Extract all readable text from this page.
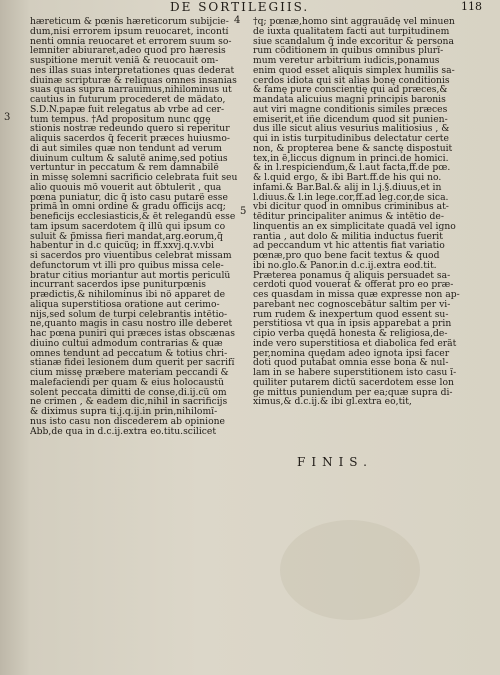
DE SORTILEGIIS.	118
4
3
5
hæreticum & pœnis hæreticorum subijcie-
dum,nisi errorem ipsum reuocaret, incontí
nenti omnia reuocaret et errorem suum so-
lemniter abiuraret,adeo quod pro hæresis
suspitione meruit veniã & reuocauit om-
nes illas suas interpretationes quas dederat
diuinæ scripturæ & reliquas omnes insanias
suas quas supra narrauimus,nihilominus ut
cautius in futurum procederet de mãdato,
S.D.N.papæ fuit relegatus ab vrbe ad cer-
tum tempus. †Ad propositum nunc qgę
stionis nostræ redeundo quero si reperitur
aliquis sacerdos q̃ fecerit præces huiusmo-
di aut similes quæ non tendunt ad verum
diuinum cultum & salutẽ animę,sed potius
vertuntur in peccatum & rem damnabilẽ
in missę solemni sacrificio celebrata fuit seu
alio quouis mõ vouerit aut õbtulerit , qua
pœna puniatur, dic q̃ isto casu putarẽ esse
primã in omni ordine & gradu officijs acq;
beneficijs ecclesiasticis,& ẽt relegandũ esse
tam ipsum sacerdotem q̃ illũ qui ipsum co
suluit & p̃missa fieri mandat,arg.eorum,q̃
habentur in d.c quicũq; in ff.xxvj.q.v.vbi
si sacerdos pro viuentibus celebrat missam
defunctorum vt illi pro quibus missa cele-
bratur citius moriantur aut mortis periculũ
incurrant sacerdos ipse puniturpœnis
prædictis,& nihilominus ibi nõ apparet de
aliqua superstitiosa oratione aut cerimo-
nijs,sed solum de turpi celebrantis intẽtio-
ne,quanto magis in casu nostro ille deberet
hac pœna puniri qui præces istas obscænas
diuino cultui admodum contrarias & quæ
omnes tendunt ad peccatum & totius chri-
stianæ fidei lesionem dum querit per sacrifĩ
cium missę præbere materiam peccandi &
malefaciendi per quam & eius holocaustũ
solent peccata dimitti de conse,di.ij.cũ om
ne crimen , & eadem dic,nihil in sacrificijs
& diximus supra ti.j.q.ij.in prin,nihilomĩ-
nus isto casu non discederem ab opinione
Abb,de qua in d.c.ij.extra eo.titu.scilicet
†q; pœnæ,homo sint aggrauãdę vel minuen
de iuxta qualitatem facti aut turpitudinem
siue scandalum q̃ inde excoritur & persona
rum cõditionem in quibus omnibus plurĩ-
mum veretur arbitrium iudicis,ponamus
enim quod esset aliquis simplex humilis sa-
cerdos idiota qui sit alias bonę conditionis
& famę pure conscientię qui ad præces,&
mandata alicuius magni principis baronis
aut viri magne conditionis similes præces
emiserit,et iñe dicendum quod sit punien-
dus ille sicut alius vesurius malitiosius , &
qui in istis turpitudinibus delectatur certe
non, & propterea bene & sanctę dispostuit
tex,in ẽ,liccus dignum in princi.de homici.
& in l.respiciendum,& l.aut facta,ff.de pœ.
& l.quid ergo, & ibi Bart.ff.de his qui no.
infami.& Bar.Bal.& alij in l.j.§.diuus,et in
l.diuus.& l.in lege.cor,ff.ad leg.cor,de sica.
vbi dicitur quod in omnibus criminibus at-
tẽditur principaliter animus & intẽtio de-
linquentis an ex simplicitate quadã vel igno
rantia , aut dolo & militia inductus fuerit
ad peccandum vt hic attentis fiat variatio
pœnæ,pro quo bene facit textus & quod
ibi no.glo.& Panor.in d.c.ij.extra eod.tit.
Præterea ponamus q̃ aliquis persuadet sa-
cerdoti quod vouerat & offerat pro eo præ-
ces quasdam in missa quæ expresse non ap-
parebant nec cognoscebãtur saltim per vi-
rum rudem & inexpertum quod essent su-
perstitiosa vt qua in ipsis apparebat a prin
cipio verba quędã honesta & religiosa,de-
inde vero superstitiosa et diabolica fed erãt
per,nomina quędam adeo ignota ipsi facer
doti quod putabat omnia esse bona & nul-
lam in se habere superstitionem isto casu ĩ-
quiliter putarem dictũ sacerdotem esse lon
ge mittus puniendum per ea;quæ supra di-
ximus,& d.c.ij.& ibi gl.extra eo,tit,
FINIS.
